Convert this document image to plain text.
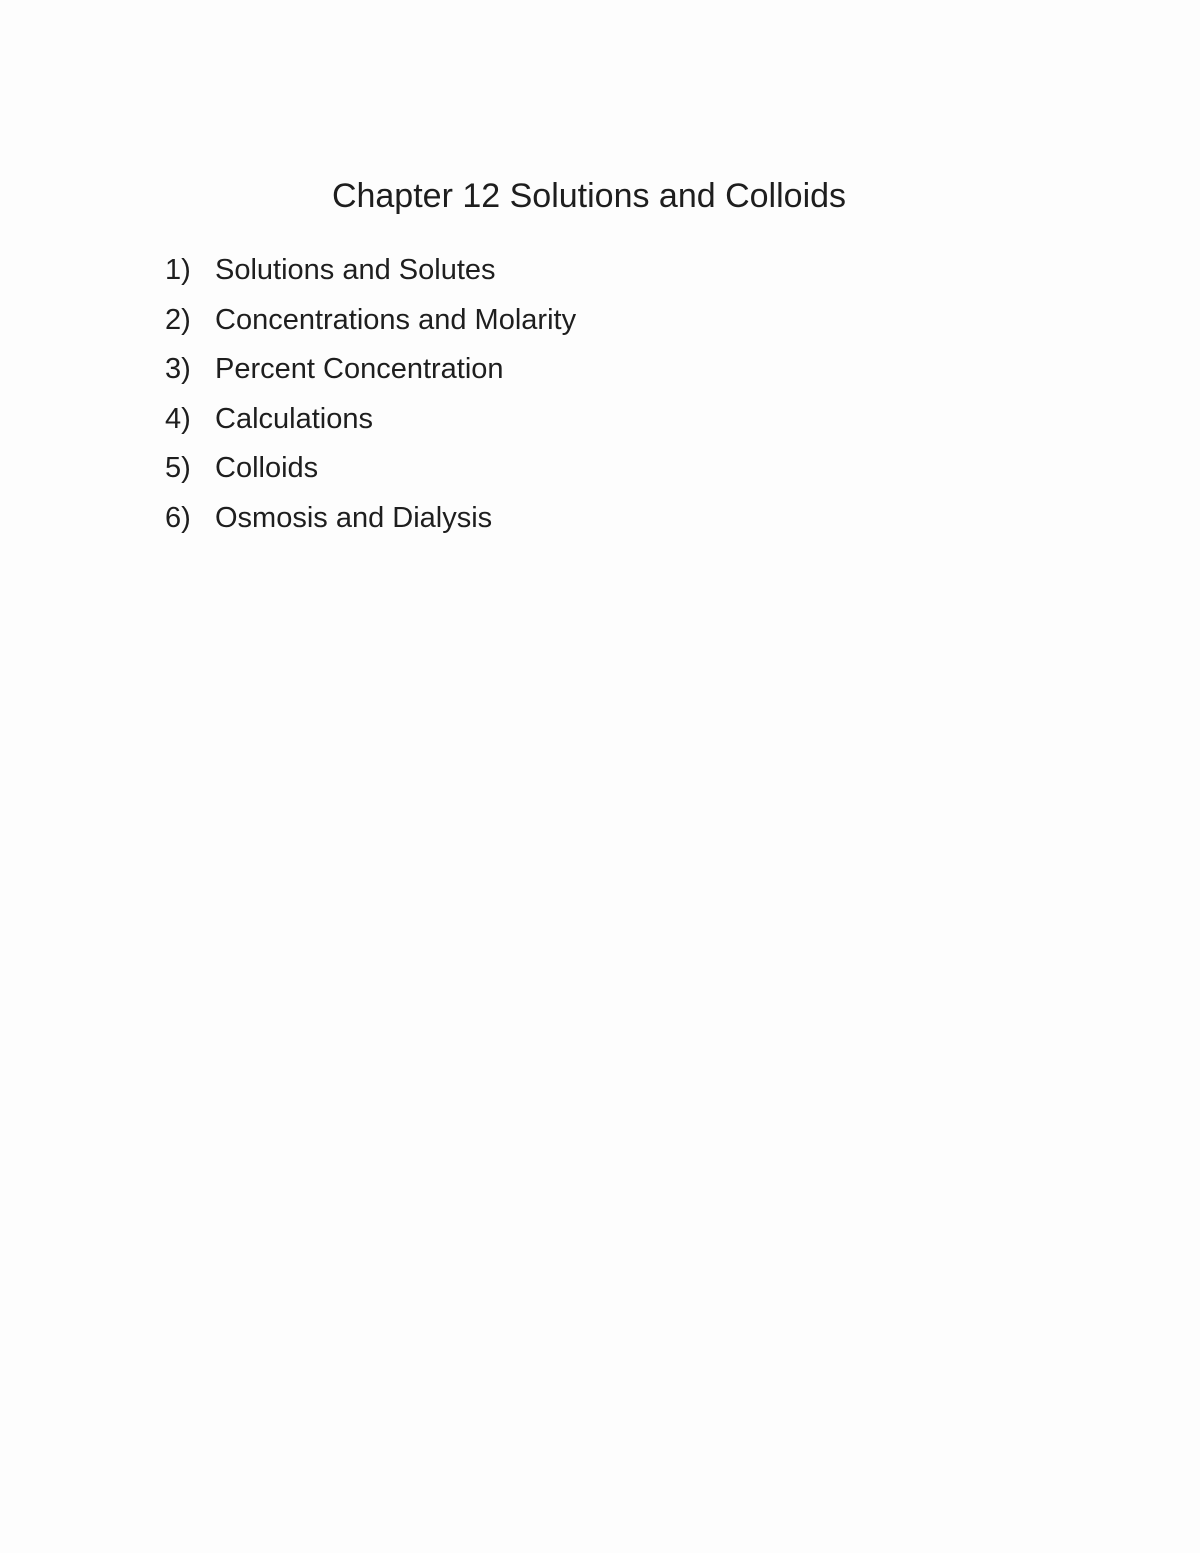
Chapter 12 Solutions and Colloids
1) Solutions and Solutes
2) Concentrations and Molarity
3) Percent Concentration
4) Calculations
5) Colloids
6) Osmosis and Dialysis
